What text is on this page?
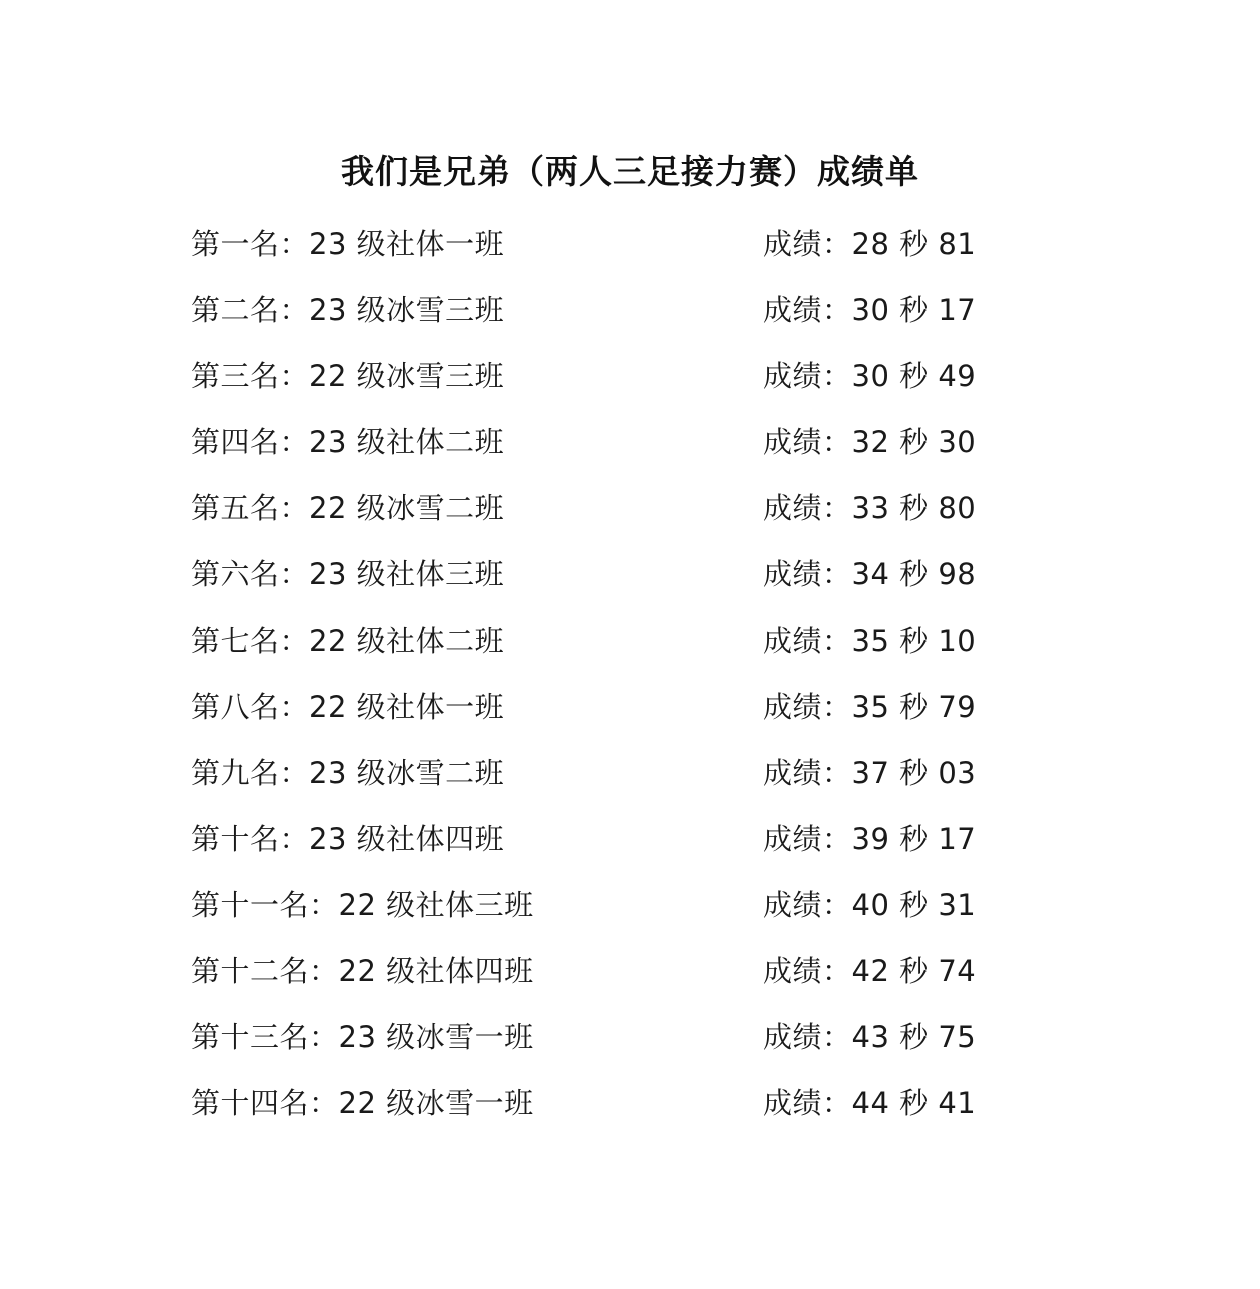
我们是兄弟（两人三足接力赛）成绩单
第一名：23 级社体一班	成绩：28 秒 81
第二名：23 级冰雪三班	成绩：30 秒 17
第三名：22 级冰雪三班	成绩：30 秒 49
第四名：23 级社体二班	成绩：32 秒 30
第五名：22 级冰雪二班	成绩：33 秒 80
第六名：23 级社体三班	成绩：34 秒 98
第七名：22 级社体二班	成绩：35 秒 10
第八名：22 级社体一班	成绩：35 秒 79
第九名：23 级冰雪二班	成绩：37 秒 03
第十名：23 级社体四班	成绩：39 秒 17
第十一名：22 级社体三班	成绩：40 秒 31
第十二名：22 级社体四班	成绩：42 秒 74
第十三名：23 级冰雪一班	成绩：43 秒 75
第十四名：22 级冰雪一班	成绩：44 秒 41
